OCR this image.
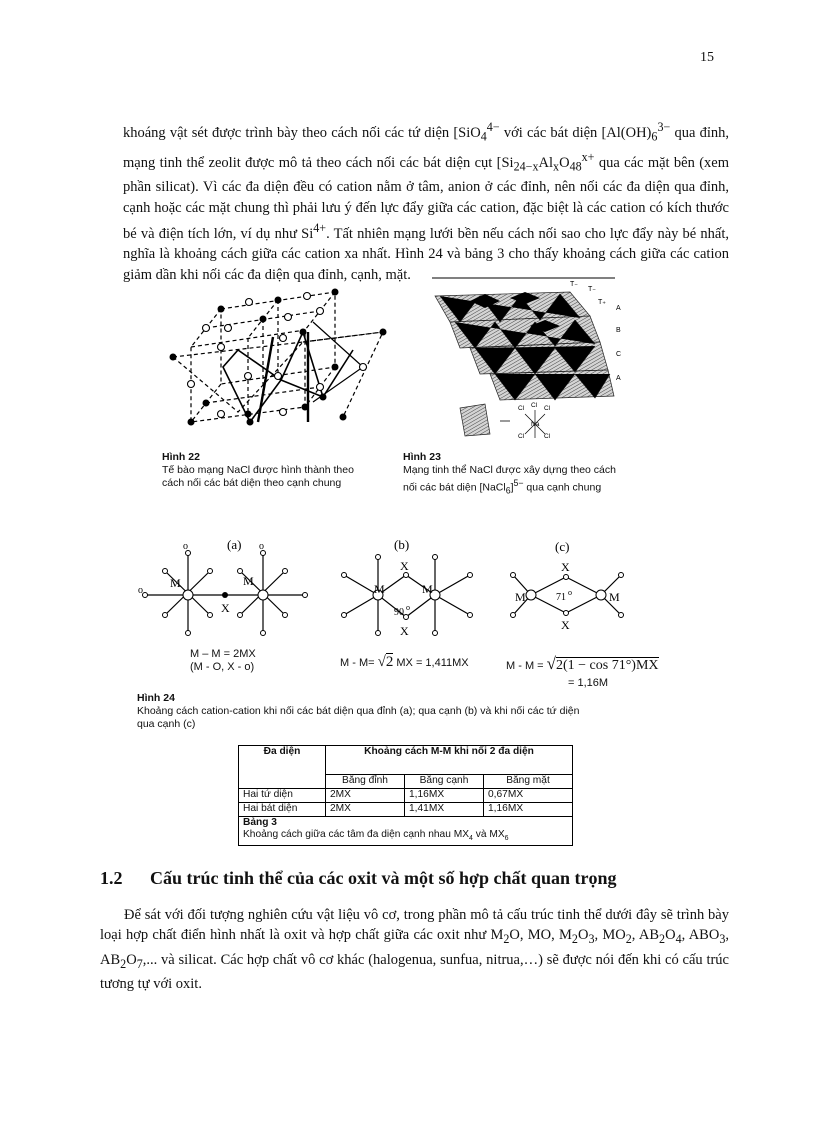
15

khoáng vật sét được trình bày theo cách nối các tứ diện [SiO$_4^{4-}$ với các bát diện [$Al(OH)_6^{3-}$ qua đỉnh, mạng tinh thể zeolit được mô tả theo cách nối các bát diện cụt [$Si_{24-x}Al_xO_{48}^{x+}$ qua các mặt bên (xem phần silicat). Vì các đa diện đều có cation nằm ở tâm, anion ở các đỉnh, nên nối các đa diện qua đỉnh, cạnh hoặc các mặt chung thì phải lưu ý đến lực đẩy giữa các cation, đặc biệt là các cation có kích thước bé và điện tích lớn, ví dụ như $Si^{4+}$. Tất nhiên mạng lưới bền nếu cách nối sao cho lực đẩy này bé nhất, nghĩa là khoảng cách giữa các cation xa nhất. Hình 24 và bảng 3 cho thấy khoảng cách giữa các cation giảm dần khi nối các đa diện qua đỉnh, cạnh, mặt.

T₋
T₋
T₊
A
B
C
A
Cl Cl Cl
Na
Cl	Cl
Hình 22
Tế bào mạng NaCl được hình thành theo
cách nối các bát diện theo cạnh chung
Hình 23
Mạng tinh thể NaCl được xây dựng theo cách
nối các bát diện [NaCl$_6$]$^{5-}$ qua cạnh chung
(a)
M	M
X
o
o	o	(b)
M	M
X
X
90 o
(c)
M	M
X
X
71 o
M – M = 2MX
(M - O, X - o)	M - M= √2 MX = 1,411MX	M - M = √2(1 − cos 71°)MX
= 1,16M
Hình 24
Khoảng cách cation-cation khi nối các bát diện qua đỉnh (a); qua cạnh (b) và khi nối các tứ diện
qua cạnh (c)
Đa diện	Khoảng cách M-M khi nối 2 đa diện		
	Bằng đỉnh	Bằng cạnh	Bằng mặt
Hai tứ diện	2MX	1,16MX	0,67MX
Hai bát diện	2MX	1,41MX	1,16MX
Bảng 3
Khoảng cách giữa các tâm đa diện cạnh nhau $MX_4$ và $MX_6$
1.2 Cấu trúc tinh thể của các oxit và một số hợp chất quan trọng

Để sát với đối tượng nghiên cứu vật liệu vô cơ, trong phần mô tả cấu trúc tinh thể dưới đây sẽ trình bày loại hợp chất điển hình nhất là oxit và hợp chất giữa các oxit như $M_2O$, MO, $M_2O_3$, $MO_2$, $AB_2O_4$, $ABO_3$, $AB_2O_7$,... và silicat. Các hợp chất vô cơ khác (halogenua, sunfua, nitrua,…) sẽ được nói đến khi có cấu trúc tương tự với oxit.
